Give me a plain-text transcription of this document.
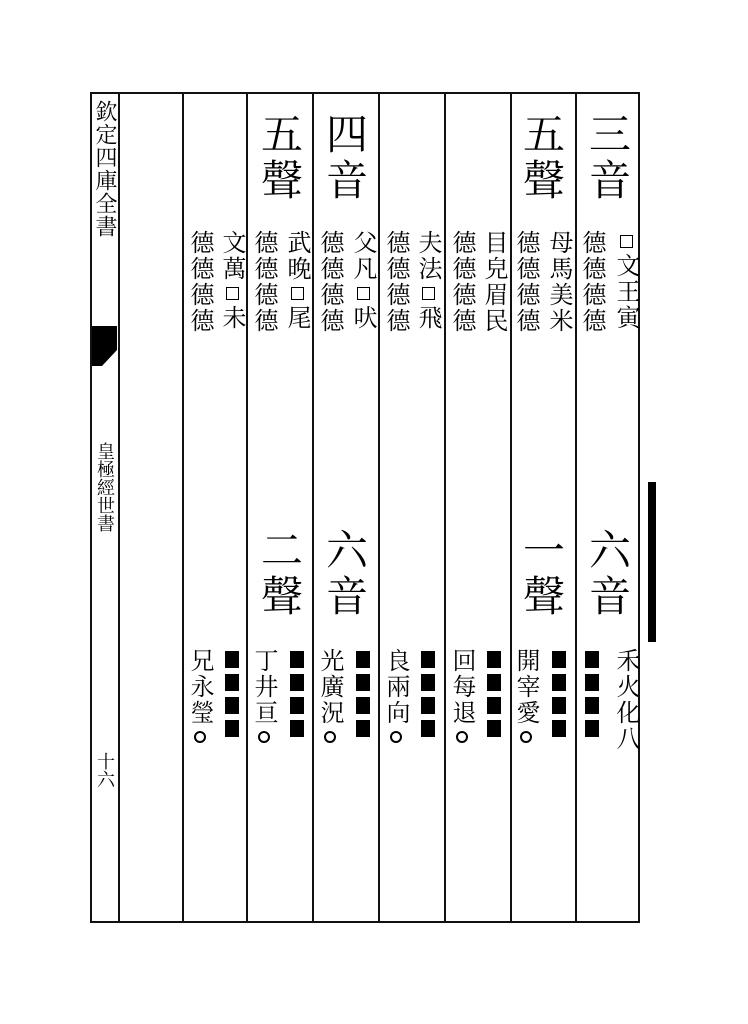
欽定四庫全書
皇極經世書
十六
三音
文王寅
德德德德
六音
禾火化八
五聲
母馬美米
德德德德
一聲
開宰愛
目皃眉民
德德德德
回每退
夫法飛
德德德德
良兩向
四音
父凡吠
德德德德
六音
光廣況
五聲
武晚尾
德德德德
二聲
丁井亘
文萬未
德德德德
兄永瑩
